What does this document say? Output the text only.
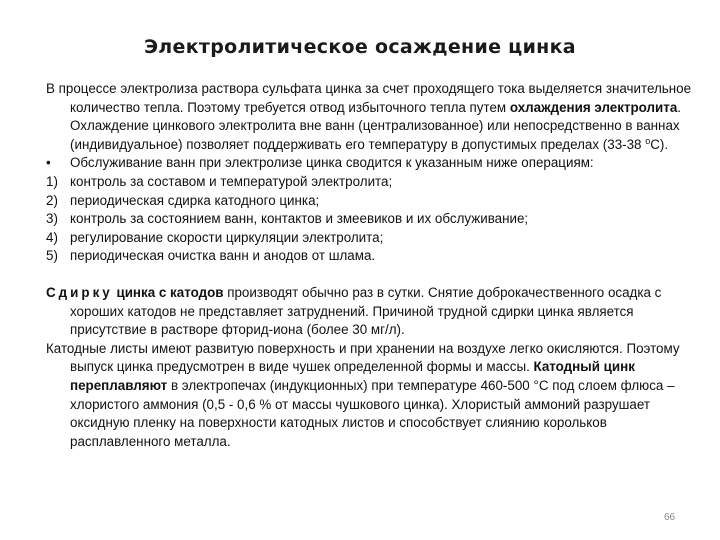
Электролитическое осаждение цинка

В процессе электролиза раствора сульфата цинка за счет проходящего тока выделяется значительное количество тепла. Поэтому требуется отвод избыточного тепла путем охлаждения электролита. Охлаждение цинкового электролита вне ванн (централизованное) или непосредственно в ваннах (индивидуальное) позволяет поддерживать его температуру в допустимых пределах (33-38 $^о$С).

• Обслуживание ванн при электролизе цинка сводится к указанным ниже операциям:
1) контроль за составом и температурой электролита;
2) периодическая сдирка катодного цинка;
3) контроль за состоянием ванн, контактов и змеевиков и их обслуживание;
4) регулирование скорости циркуляции электролита;
5) периодическая очистка ванн и анодов от шлама.

Сдирку цинка с катодов производят обычно раз в сутки. Снятие доброкачественного осадка с хороших катодов не представляет затруднений. Причиной трудной сдирки цинка является присутствие в растворе фторид-иона (более 30 мг/л).

Катодные листы имеют развитую поверхность и при хранении на воздухе легко окисляются. Поэтому выпуск цинка предусмотрен в виде чушек определенной формы и массы. Катодный цинк переплавляют в электропечах (индукционных) при температуре 460-500 °С под слоем флюса – хлористого аммония (0,5 - 0,6 % от массы чушкового цинка). Хлористый аммоний разрушает оксидную пленку на поверхности катодных листов и способствует слиянию корольков расплавленного металла.

66
